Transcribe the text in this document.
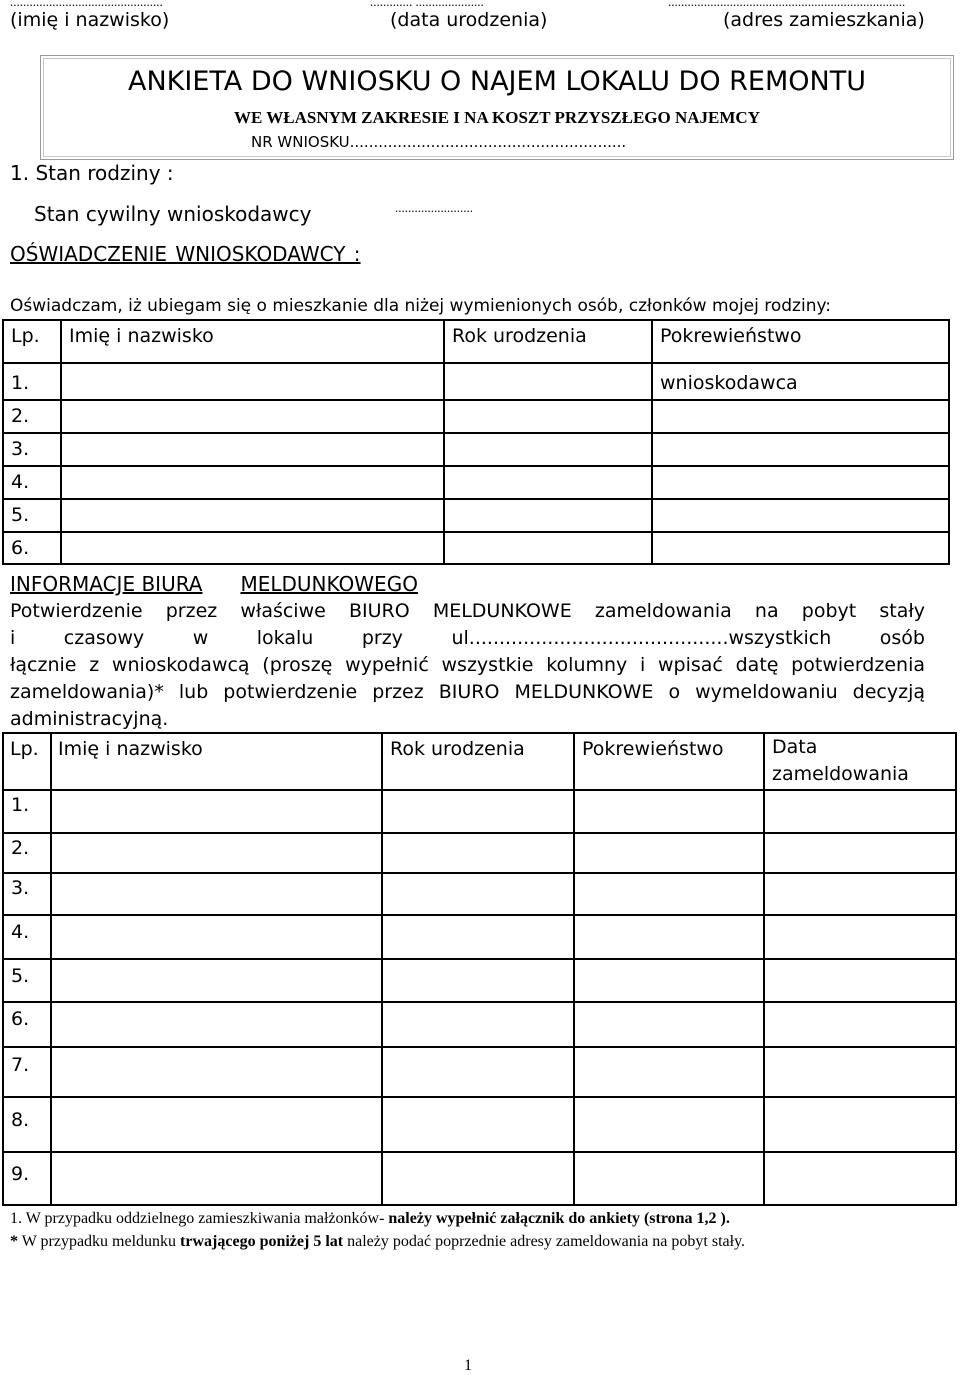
...............................................	............. .....................	.........................................................................
(imię i nazwisko)	(data urodzenia)	(adres zamieszkania)
ANKIETA DO WNIOSKU O NAJEM LOKALU DO REMONTU
WE WŁASNYM ZAKRESIE I NA KOSZT PRZYSZŁEGO NAJEMCY
NR WNIOSKU..........................................................
1. Stan rodziny :
Stan cywilny wnioskodawcy	........................
OŚWIADCZENIE WNIOSKODAWCY :
Oświadczam, iż ubiegam się o mieszkanie dla niżej wymienionych osób, członków mojej rodziny:
Lp.	Imię i nazwisko	Rok urodzenia	Pokrewieństwo

1.			wnioskodawca

2.			

3.			

4.			

5.			

6.			

INFORMACJE BIURA MELDUNKOWEGO
Potwierdzenie przez właściwe BIURO MELDUNKOWE zameldowania na pobyt stały
i czasowy w lokalu przy ul...........................................wszystkich osób
łącznie z wnioskodawcą (proszę wypełnić wszystkie kolumny i wpisać datę potwierdzenia
zameldowania)* lub potwierdzenie przez BIURO MELDUNKOWE o wymeldowaniu decyzją
administracyjną.
Lp.	Imię i nazwisko	Rok urodzenia	Pokrewieństwo	Data
zameldowania

1.				

2.				

3.				

4.				

5.				

6.				

7.				

8.				

9.				

1. W przypadku oddzielnego zamieszkiwania małżonków- należy wypełnić załącznik do ankiety (strona 1,2 ).
* W przypadku meldunku trwającego poniżej 5 lat należy podać poprzednie adresy zameldowania na pobyt stały.
1
